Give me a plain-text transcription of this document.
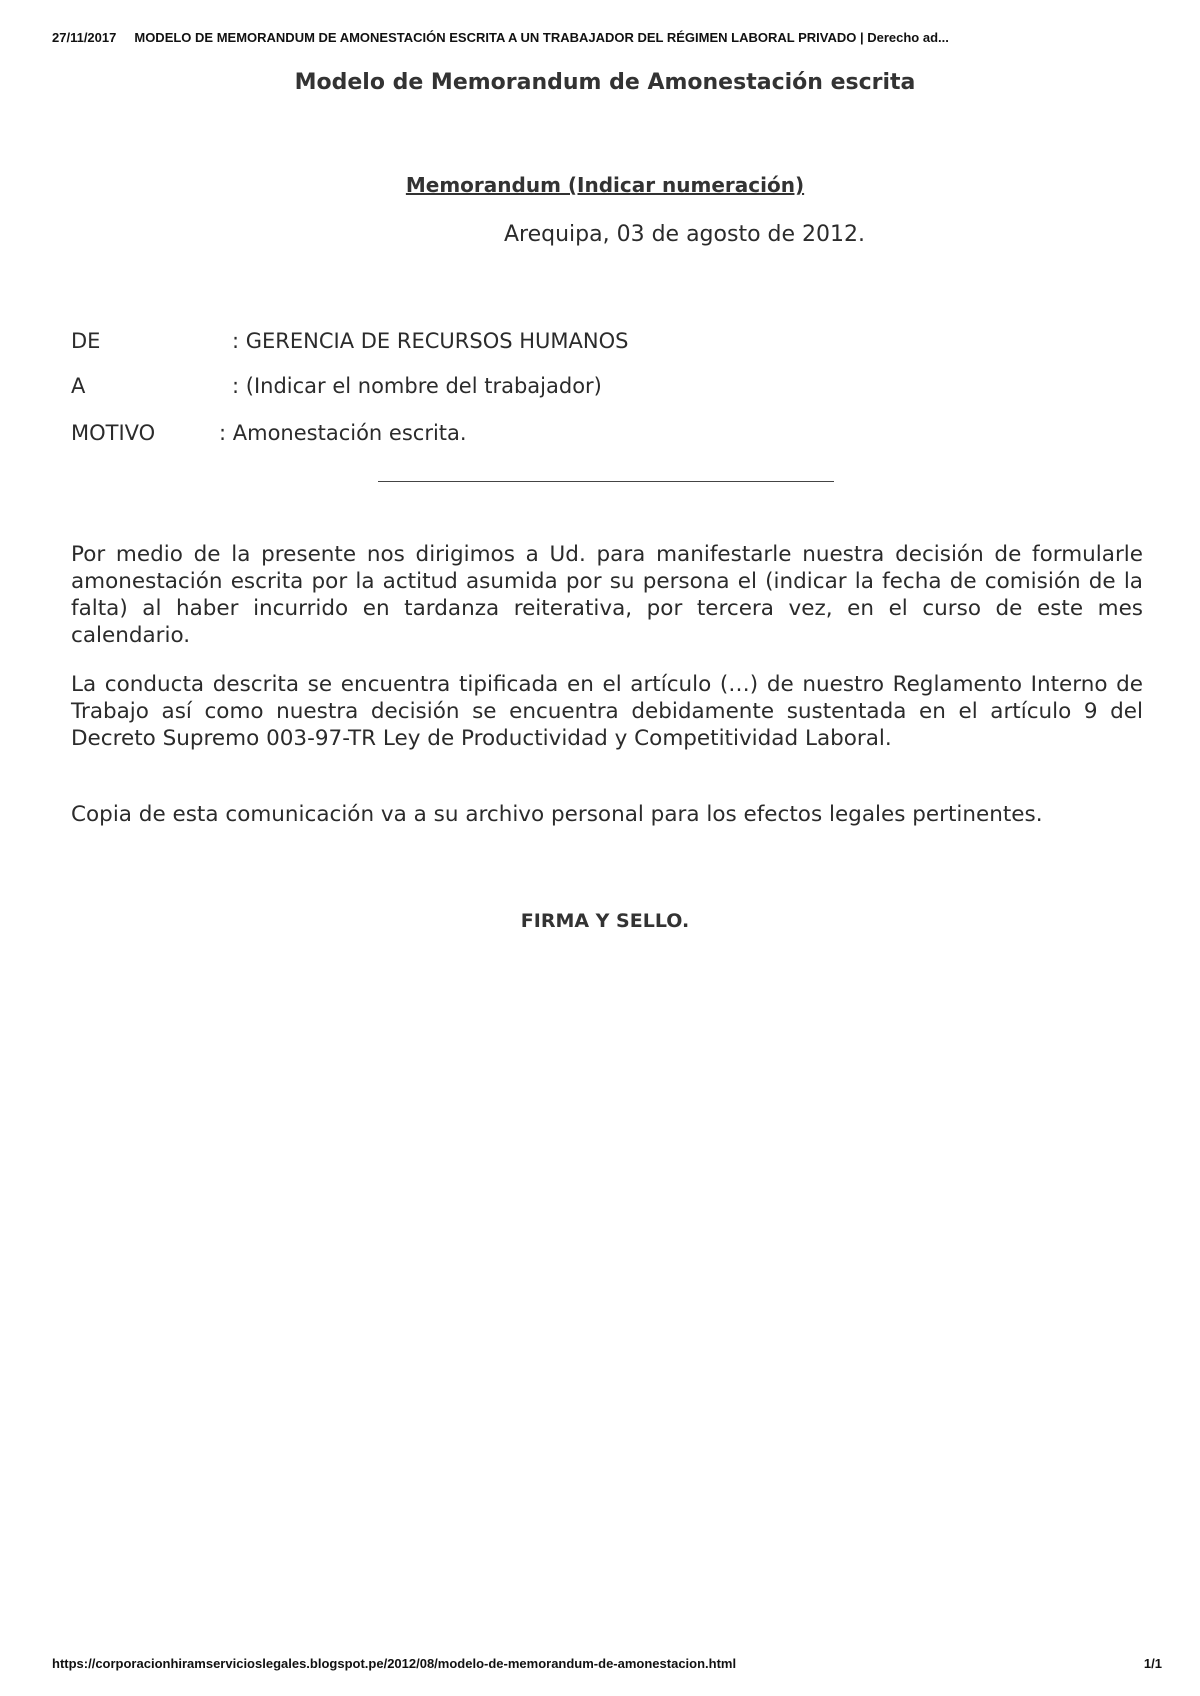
27/11/2017 MODELO DE MEMORANDUM DE AMONESTACIÓN ESCRITA A UN TRABAJADOR DEL RÉGIMEN LABORAL PRIVADO | Derecho ad...
Modelo de Memorandum de Amonestación escrita
Memorandum (Indicar numeración)
Arequipa, 03 de agosto de 2012.
DE	: GERENCIA DE RECURSOS HUMANOS
A	: (Indicar el nombre del trabajador)
MOTIVO	: Amonestación escrita.

Por medio de la presente nos dirigimos a Ud. para manifestarle nuestra decisión de formularle amonestación escrita por la actitud asumida por su persona el (indicar la fecha de comisión de la falta) al haber incurrido en tardanza reiterativa, por tercera vez, en el curso de este mes calendario.

La conducta descrita se encuentra tipificada en el artículo (…) de nuestro Reglamento Interno de Trabajo así como nuestra decisión se encuentra debidamente sustentada en el artículo 9 del Decreto Supremo 003-97-TR Ley de Productividad y Competitividad Laboral.

Copia de esta comunicación va a su archivo personal para los efectos legales pertinentes.

FIRMA Y SELLO.
https://corporacionhiramservicioslegales.blogspot.pe/2012/08/modelo-de-memorandum-de-amonestacion.html	1/1
